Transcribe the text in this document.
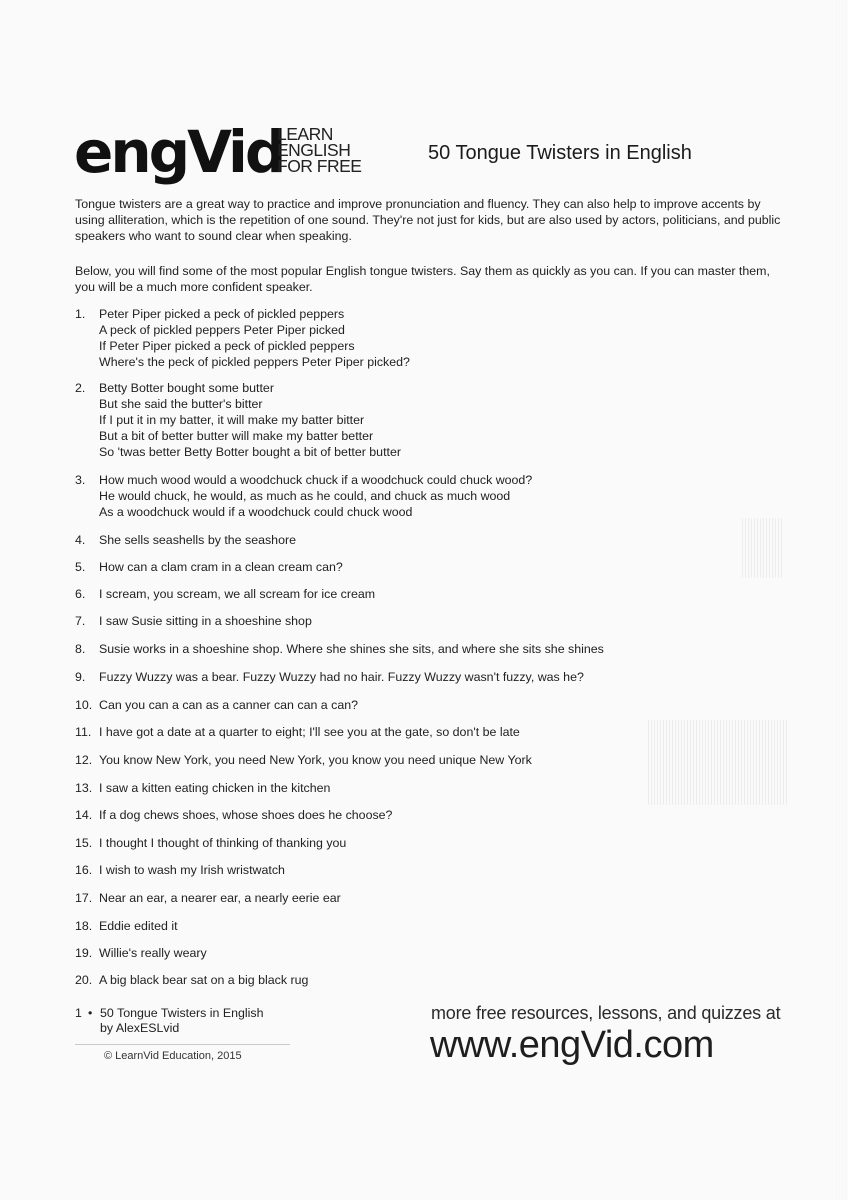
engVid
LEARN
ENGLISH
FOR FREE
50 Tongue Twisters in English

Tongue twisters are a great way to practice and improve pronunciation and fluency. They can also help to improve accents by using alliteration, which is the repetition of one sound. They're not just for kids, but are also used by actors, politicians, and public speakers who want to sound clear when speaking.

Below, you will find some of the most popular English tongue twisters. Say them as quickly as you can. If you can master them, you will be a much more confident speaker.

1.	Peter Piper picked a peck of pickled peppers
A peck of pickled peppers Peter Piper picked
If Peter Piper picked a peck of pickled peppers
Where's the peck of pickled peppers Peter Piper picked?
2.	Betty Botter bought some butter
But she said the butter's bitter
If I put it in my batter, it will make my batter bitter
But a bit of better butter will make my batter better
So 'twas better Betty Botter bought a bit of better butter
3.	How much wood would a woodchuck chuck if a woodchuck could chuck wood?
He would chuck, he would, as much as he could, and chuck as much wood
As a woodchuck would if a woodchuck could chuck wood
4.	She sells seashells by the seashore
5.	How can a clam cram in a clean cream can?
6.	I scream, you scream, we all scream for ice cream
7.	I saw Susie sitting in a shoeshine shop
8.	Susie works in a shoeshine shop. Where she shines she sits, and where she sits she shines
9.	Fuzzy Wuzzy was a bear. Fuzzy Wuzzy had no hair. Fuzzy Wuzzy wasn't fuzzy, was he?
10. Can you can a can as a canner can can a can?
11. I have got a date at a quarter to eight; I'll see you at the gate, so don't be late
12. You know New York, you need New York, you know you need unique New York
13. I saw a kitten eating chicken in the kitchen
14. If a dog chews shoes, whose shoes does he choose?
15. I thought I thought of thinking of thanking you
16. I wish to wash my Irish wristwatch
17. Near an ear, a nearer ear, a nearly eerie ear
18. Eddie edited it
19. Willie's really weary
20. A big black bear sat on a big black rug
1 • 50 Tongue Twisters in English
by AlexESLvid
© LearnVid Education, 2015
more free resources, lessons, and quizzes at
www.engVid.com
